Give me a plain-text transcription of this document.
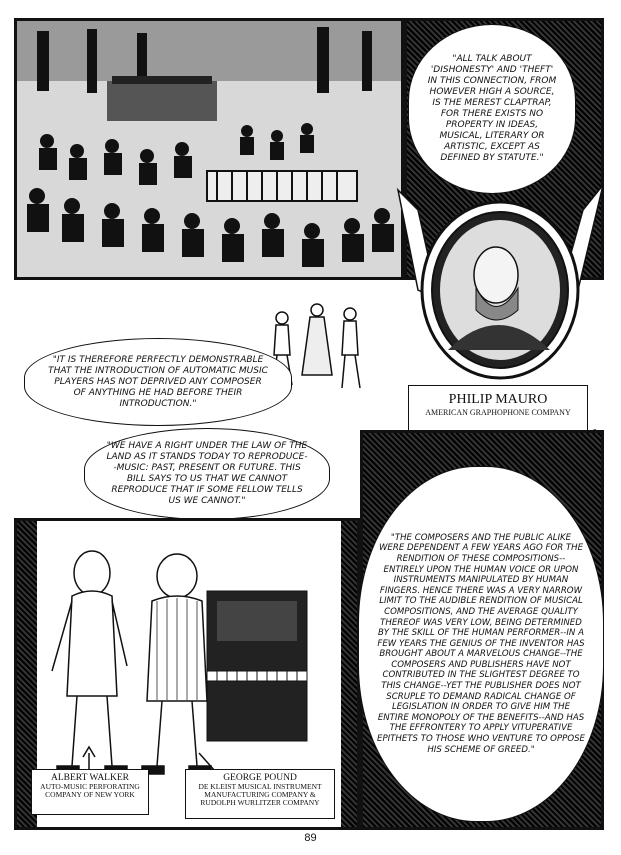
"ALL TALK ABOUT 'DISHONESTY' AND 'THEFT' IN THIS CONNECTION, FROM HOWEVER HIGH A SOURCE, IS THE MEREST CLAPTRAP, FOR THERE EXISTS NO PROPERTY IN IDEAS, MUSICAL, LITERARY OR ARTISTIC, EXCEPT AS DEFINED BY STATUTE."
PHILIP MAURO
AMERICAN GRAPHOPHONE COMPANY
"IT IS THEREFORE PERFECTLY DEMONSTRABLE THAT THE INTRODUCTION OF AUTOMATIC MUSIC PLAYERS HAS NOT DEPRIVED ANY COMPOSER OF ANYTHING HE HAD BEFORE THEIR INTRODUCTION."
"WE HAVE A RIGHT UNDER THE LAW OF THE LAND AS IT STANDS TODAY TO REPRODUCE--MUSIC: PAST, PRESENT OR FUTURE. THIS BILL SAYS TO US THAT WE CANNOT REPRODUCE THAT IF SOME FELLOW TELLS US WE CANNOT."
ALBERT WALKER
AUTO-MUSIC PERFORATING COMPANY OF NEW YORK
GEORGE POUND
DE KLEIST MUSICAL INSTRUMENT MANUFACTURING COMPANY & RUDOLPH WURLITZER COMPANY
"THE COMPOSERS AND THE PUBLIC ALIKE WERE DEPENDENT A FEW YEARS AGO FOR THE RENDITION OF THESE COMPOSITIONS-- ENTIRELY UPON THE HUMAN VOICE OR UPON INSTRUMENTS MANIPULATED BY HUMAN FINGERS. HENCE THERE WAS A VERY NARROW LIMIT TO THE AUDIBLE RENDITION OF MUSICAL COMPOSITIONS, AND THE AVERAGE QUALITY THEREOF WAS VERY LOW, BEING DETERMINED BY THE SKILL OF THE HUMAN PERFORMER--IN A FEW YEARS THE GENIUS OF THE INVENTOR HAS BROUGHT ABOUT A MARVELOUS CHANGE--THE COMPOSERS AND PUBLISHERS HAVE NOT CONTRIBUTED IN THE SLIGHTEST DEGREE TO THIS CHANGE--YET THE PUBLISHER DOES NOT SCRUPLE TO DEMAND RADICAL CHANGE OF LEGISLATION IN ORDER TO GIVE HIM THE ENTIRE MONOPOLY OF THE BENEFITS--AND HAS THE EFFRONTERY TO APPLY VITUPERATIVE EPITHETS TO THOSE WHO VENTURE TO OPPOSE HIS SCHEME OF GREED."
89
